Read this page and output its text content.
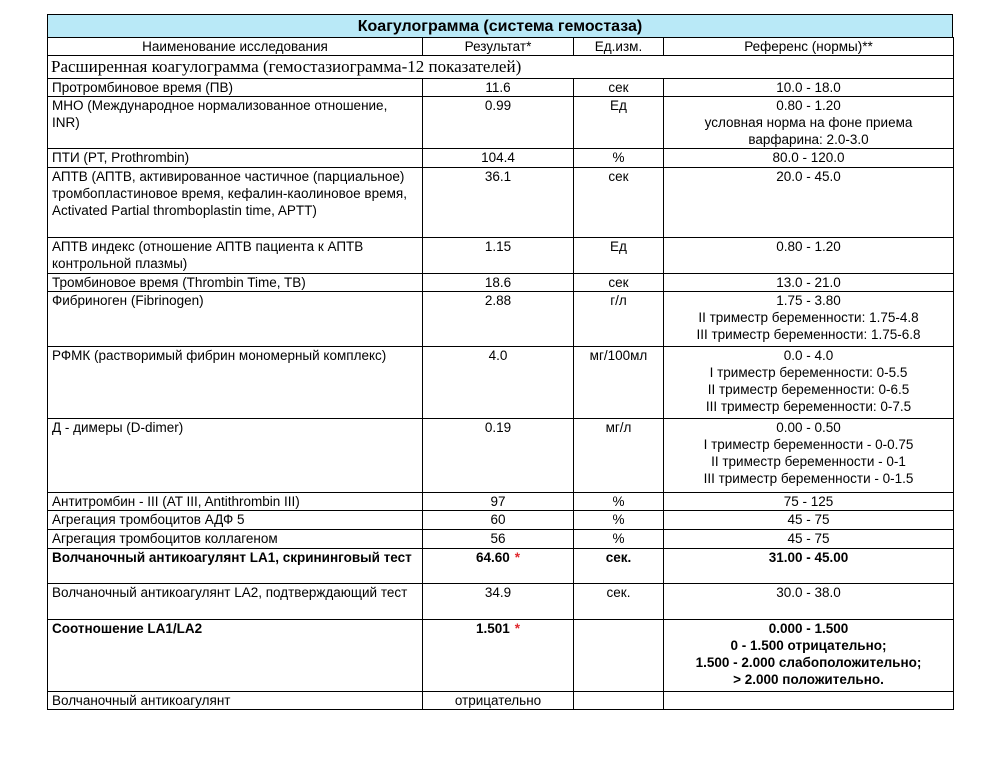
Коагулограмма (система гемостаза)
Наименование исследования	Результат*	Ед.изм.	Референс (нормы)**
Расширенная коагулограмма (гемостазиограмма-12 показателей)			
Протромбиновое время (ПВ)	11.6	сек	10.0 - 18.0

МНО (Международное нормализованное отношение, INR)	0.99	Ед	0.80 - 1.20
условная норма на фоне приема варфарина: 2.0-3.0

ПТИ (PT, Prothrombin)	104.4	%	80.0 - 120.0

АПТВ (АПТВ, активированное частичное (парциальное) тромбопластиновое время, кефалин-каолиновое время, Activated Partial thromboplastin time, APTT)	36.1	сек	20.0 - 45.0

АПТВ индекс (отношение АПТВ пациента к АПТВ контрольной плазмы)	1.15	Ед	0.80 - 1.20

Тромбиновое время (Thrombin Time, TB)	18.6	сек	13.0 - 21.0

Фибриноген (Fibrinogen)	2.88	г/л	1.75 - 3.80
II триместр беременности: 1.75-4.8
III триместр беременности: 1.75-6.8

РФМК (растворимый фибрин мономерный комплекс)	4.0	мг/100мл	0.0 - 4.0
I триместр беременности: 0-5.5
II триместр беременности: 0-6.5
III триместр беременности: 0-7.5

Д - димеры (D-dimer)	0.19	мг/л	0.00 - 0.50
I триместр беременности - 0-0.75
II триместр беременности - 0-1
III триместр беременности - 0-1.5

Антитромбин - III (AT III, Antithrombin III)	97	%	75 - 125

Агрегация тромбоцитов АДФ 5	60	%	45 - 75

Агрегация тромбоцитов коллагеном	56	%	45 - 75

Волчаночный антикоагулянт LA1, скрининговый тест	64.60 *	сек.	31.00 - 45.00

Волчаночный антикоагулянт LA2, подтверждающий тест	34.9	сек.	30.0 - 38.0

Соотношение LA1/LA2	1.501 *		0.000 - 1.500
0 - 1.500 отрицательно;
1.500 - 2.000 слабоположительно;
> 2.000 положительно.

Волчаночный антикоагулянт	отрицательно		
